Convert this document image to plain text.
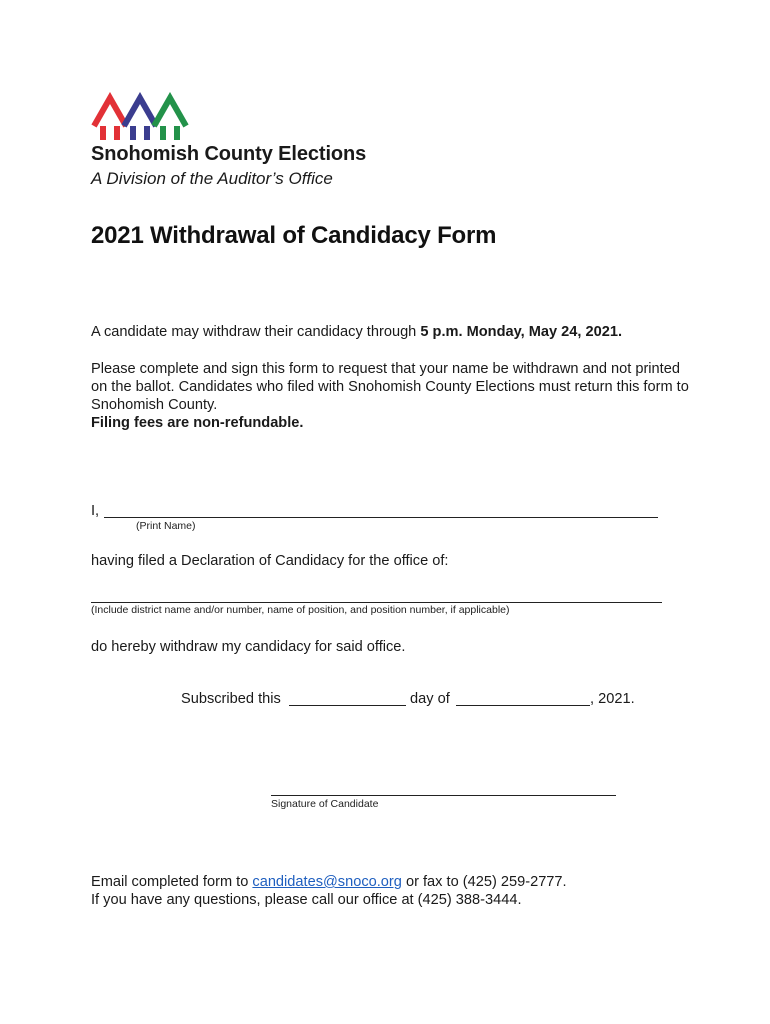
Snohomish County Elections
A Division of the Auditor’s Office
2021 Withdrawal of Candidacy Form
A candidate may withdraw their candidacy through 5 p.m. Monday, May 24, 2021.
Please complete and sign this form to request that your name be withdrawn and not printed on the ballot. Candidates who filed with Snohomish County Elections must return this form to Snohomish County.
Filing fees are non-refundable.
I,
(Print Name)
having filed a Declaration of Candidacy for the office of:
(Include district name and/or number, name of position, and position number, if applicable)
do hereby withdraw my candidacy for said office.
Subscribed this	day of	, 2021.
Signature of Candidate
Email completed form to candidates@snoco.org or fax to (425) 259-2777.
If you have any questions, please call our office at (425) 388-3444.
